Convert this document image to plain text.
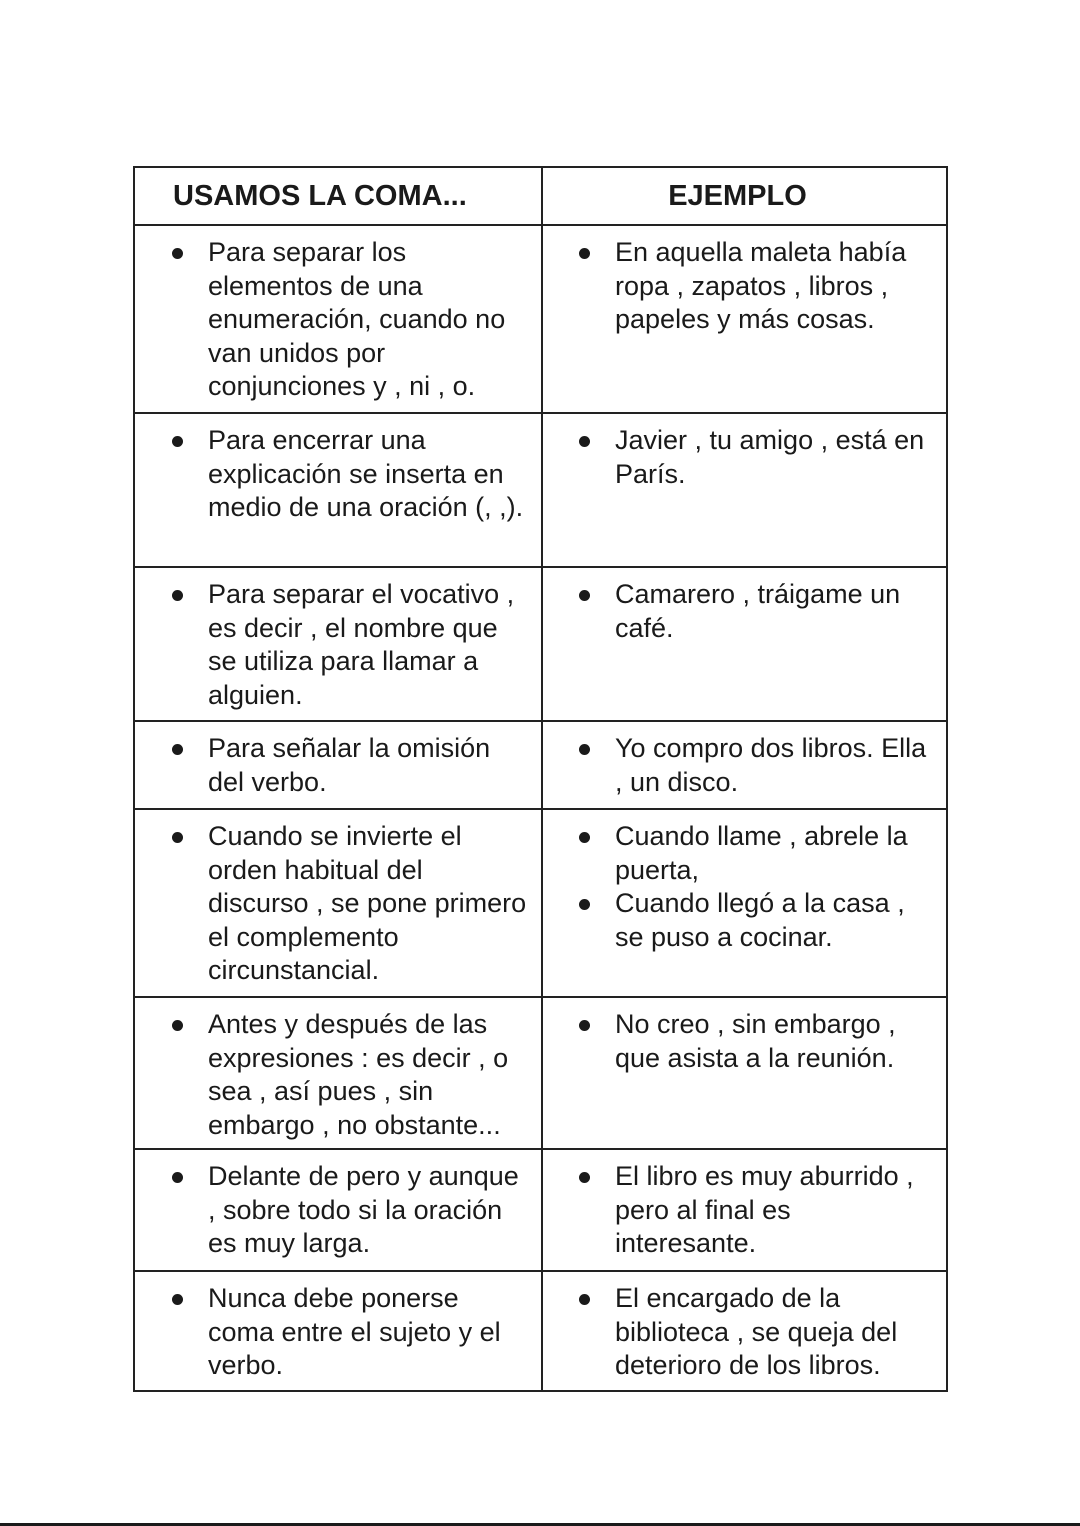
USAMOS LA COMA...	EJEMPLO
Para separar los elementos de una enumeración, cuando no van unidos por conjunciones y , ni , o.
En aquella maleta había ropa , zapatos , libros , papeles y más cosas.
Para encerrar una explicación se inserta en medio de una oración (, ,).
Javier , tu amigo , está en París.
Para separar el vocativo , es decir , el nombre que se utiliza para llamar a alguien.
Camarero , tráigame un café.
Para señalar la omisión del verbo.
Yo compro dos libros. Ella , un disco.
Cuando se invierte el orden habitual del discurso , se pone primero el complemento circunstancial.
Cuando llame , abrele la puerta,
Cuando llegó a la casa , se puso a cocinar.
Antes y después de las expresiones : es decir , o sea , así pues , sin embargo , no obstante...
No creo , sin embargo , que asista a la reunión.
Delante de pero y aunque , sobre todo si la oración es muy larga.
El libro es muy aburrido , pero al final es interesante.
Nunca debe ponerse coma entre el sujeto y el verbo.
El encargado de la biblioteca , se queja del deterioro de los libros.
